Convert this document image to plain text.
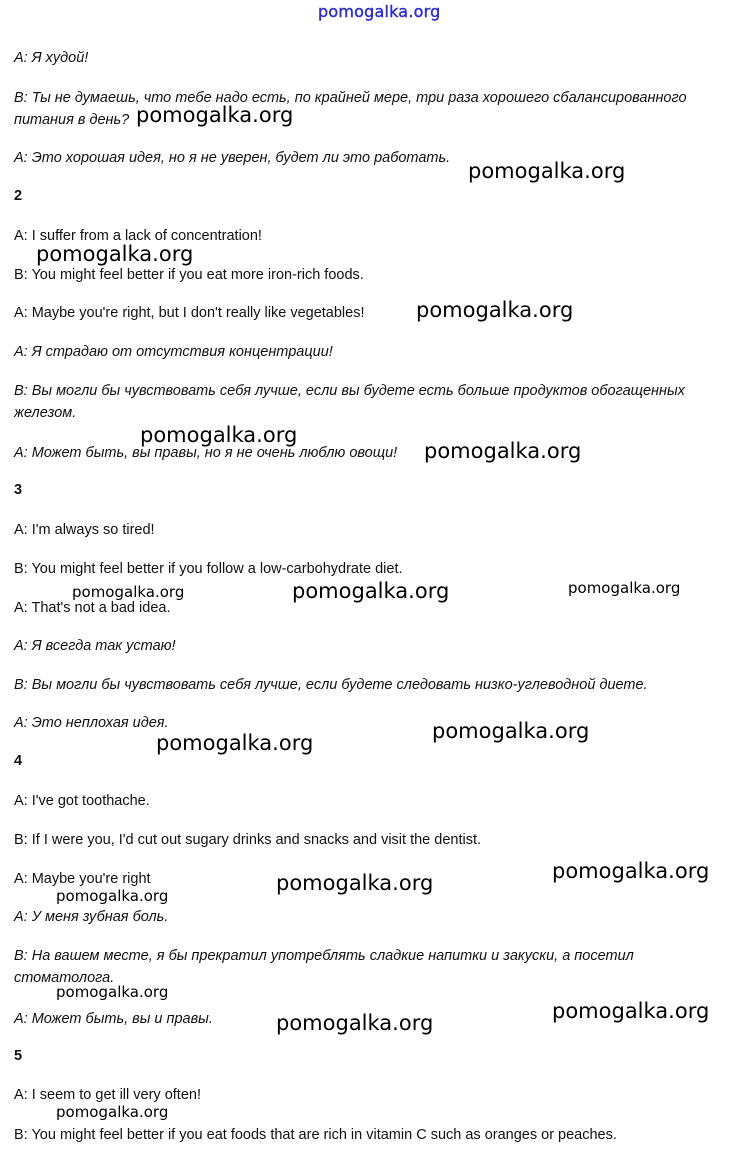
pomogalka.org

A: Я худой!

B: Ты не думаешь, что тебе надо есть, по крайней мере, три раза хорошего сбалансированного питания в день?

A: Это хорошая идея, но я не уверен, будет ли это работать.

2

A: I suffer from a lack of concentration!

B: You might feel better if you eat more iron-rich foods.

A: Maybe you're right, but I don't really like vegetables!

A: Я страдаю от отсутствия концентрации!

B: Вы могли бы чувствовать себя лучше, если вы будете есть больше продуктов обогащенных железом.

A: Может быть, вы правы, но я не очень люблю овощи!

3

A: I'm always so tired!

B: You might feel better if you follow a low-carbohydrate diet.

A: That's not a bad idea.

A: Я всегда так устаю!

B: Вы могли бы чувствовать себя лучше, если будете следовать низко-углеводной диете.

A: Это неплохая идея.

4

A: I've got toothache.

B: If I were you, I'd cut out sugary drinks and snacks and visit the dentist.

A: Maybe you're right

A: У меня зубная боль.

B: На вашем месте, я бы прекратил употреблять сладкие напитки и закуски, а посетил стоматолога.

A: Может быть, вы и правы.

5

A: I seem to get ill very often!

B: You might feel better if you eat foods that are rich in vitamin C such as oranges or peaches.

pomogalka.org
pomogalka.org
pomogalka.org
pomogalka.org
pomogalka.org
pomogalka.org
pomogalka.org	pomogalka.org	pomogalka.org
pomogalka.org
pomogalka.org
pomogalka.org
pomogalka.org
pomogalka.org
pomogalka.org
pomogalka.org
pomogalka.org
pomogalka.org
